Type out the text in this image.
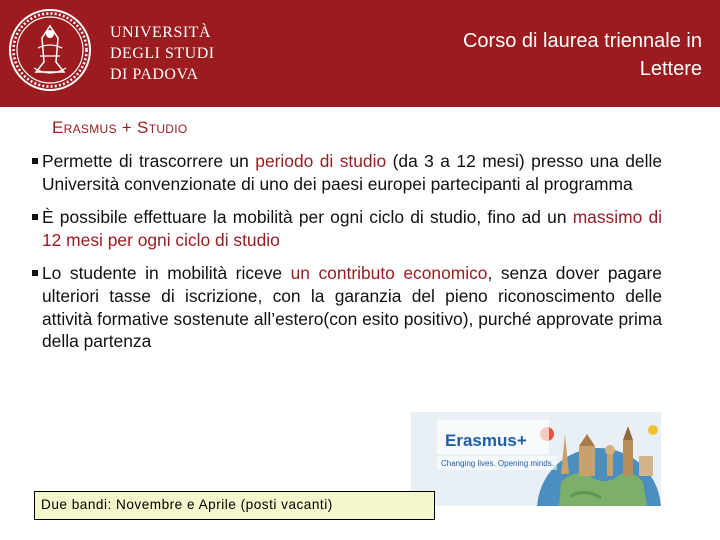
UNIVERSITÀ
DEGLI STUDI
DI PADOVA
Corso di laurea triennale in
Lettere
Erasmus + Studio
Permette di trascorrere un periodo di studio (da 3 a 12 mesi) presso una delle Università convenzionate di uno dei paesi europei partecipanti al programma
È possibile effettuare la mobilità per ogni ciclo di studio, fino ad un massimo di 12 mesi per ogni ciclo di studio
Lo studente in mobilità riceve un contributo economico, senza dover pagare ulteriori tasse di iscrizione, con la garanzia del pieno riconoscimento delle attività formative sostenute all’estero(con esito positivo), purché approvate prima della partenza
Erasmus+
Changing lives. Opening minds.
Due bandi: Novembre e Aprile (posti vacanti)
